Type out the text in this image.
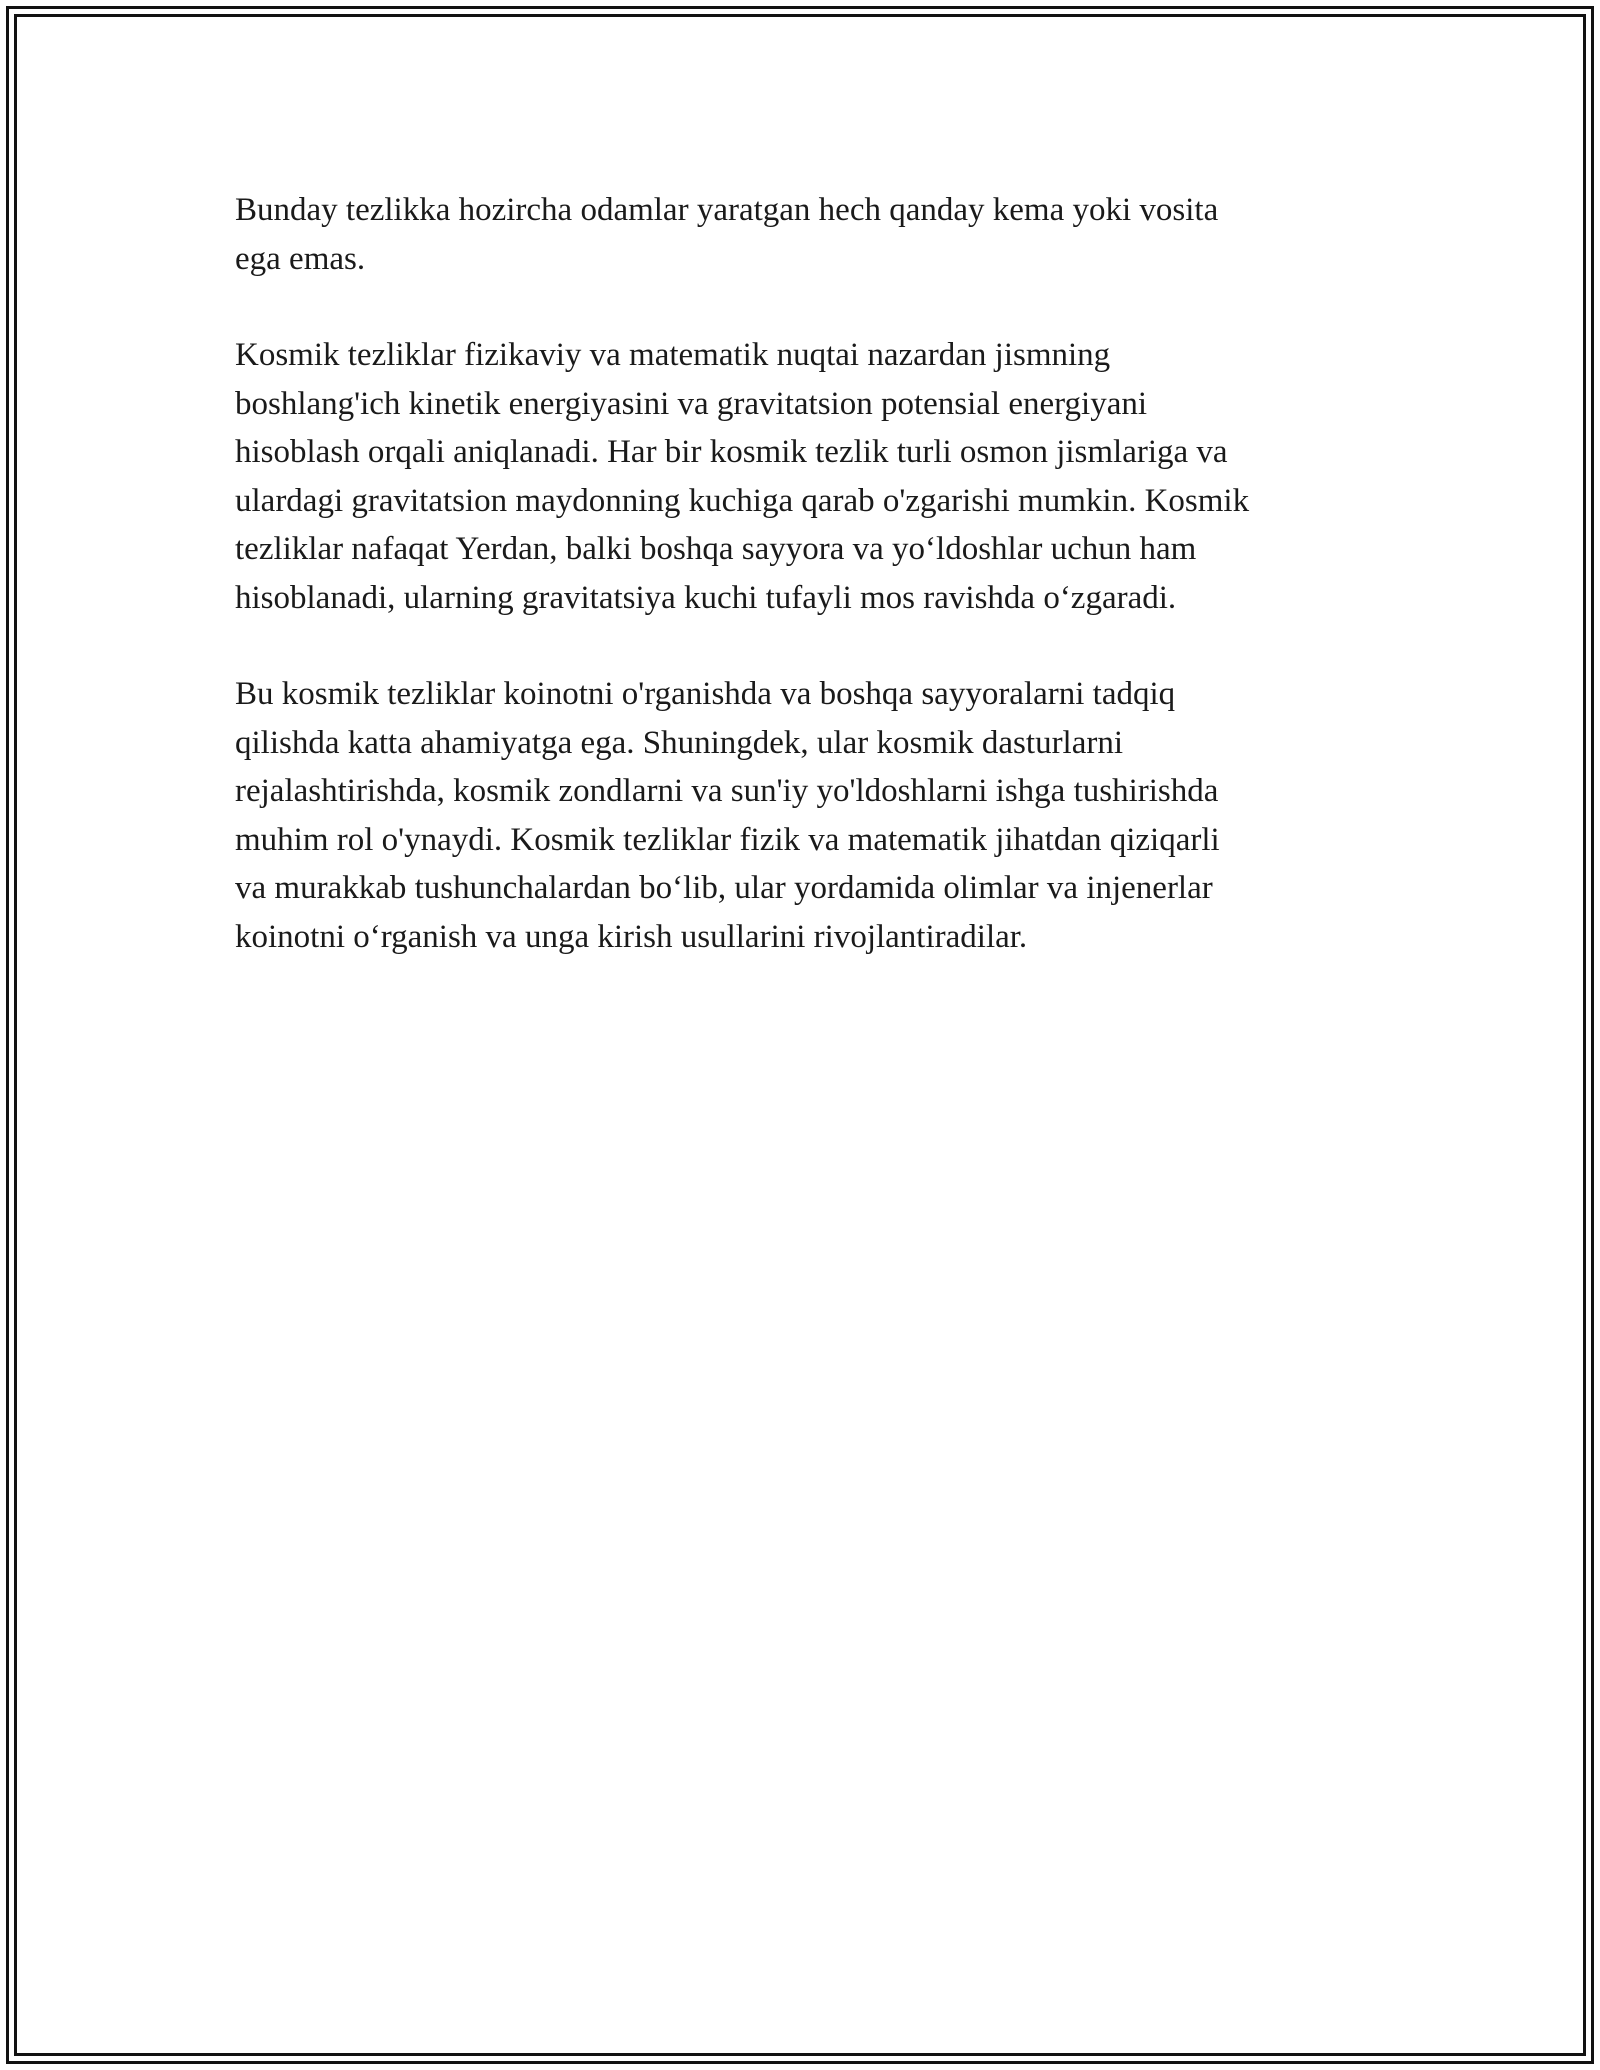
Bunday tezlikka hozircha odamlar yaratgan hech qanday kema yoki vosita
ega emas.

Kosmik tezliklar fizikaviy va matematik nuqtai nazardan jismning
boshlang'ich kinetik energiyasini va gravitatsion potensial energiyani
hisoblash orqali aniqlanadi. Har bir kosmik tezlik turli osmon jismlariga va
ulardagi gravitatsion maydonning kuchiga qarab o'zgarishi mumkin. Kosmik
tezliklar nafaqat Yerdan, balki boshqa sayyora va yo‘ldoshlar uchun ham
hisoblanadi, ularning gravitatsiya kuchi tufayli mos ravishda o‘zgaradi.

Bu kosmik tezliklar koinotni o'rganishda va boshqa sayyoralarni tadqiq
qilishda katta ahamiyatga ega. Shuningdek, ular kosmik dasturlarni
rejalashtirishda, kosmik zondlarni va sun'iy yo'ldoshlarni ishga tushirishda
muhim rol o'ynaydi. Kosmik tezliklar fizik va matematik jihatdan qiziqarli
va murakkab tushunchalardan bo‘lib, ular yordamida olimlar va injenerlar
koinotni o‘rganish va unga kirish usullarini rivojlantiradilar.
